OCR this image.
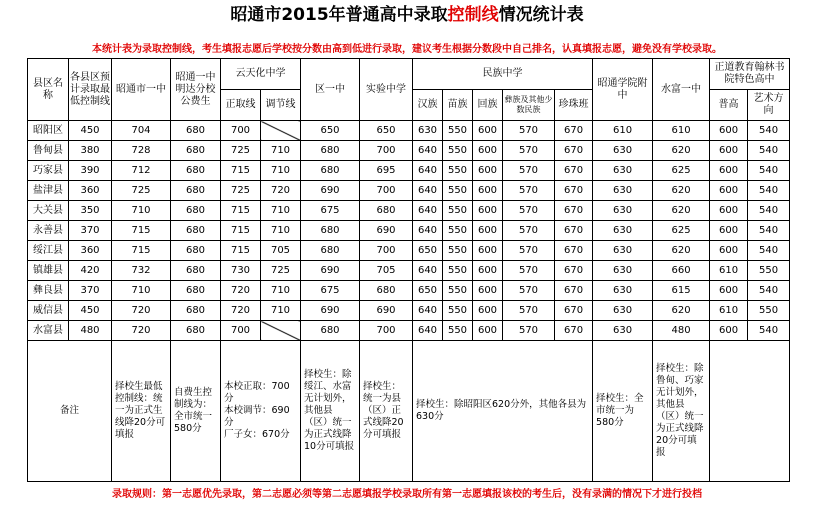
昭通市2015年普通高中录取控制线情况统计表
本统计表为录取控制线，考生填报志愿后学校按分数由高到低进行录取，建议考生根据分数段中自己排名，认真填报志愿，避免没有学校录取。
县区名称	各县区预计录取最低控制线	昭通市一中	昭通一中明达分校公费生	云天化中学		区一中	实验中学	民族中学					昭通学院附中	水富一中	正道教育翰林书院特色高中	
				正取线	调节线			汉族	苗族	回族	彝族及其他少数民族	珍珠班			普高	艺术方向
昭阳区	450	704	680	700		650	650	630	550	600	570	670	610	610	600	540
鲁甸县	380	728	680	725	710	680	700	640	550	600	570	670	630	620	600	540
巧家县	390	712	680	715	710	680	695	640	550	600	570	670	630	625	600	540
盐津县	360	725	680	725	720	690	700	640	550	600	570	670	630	620	600	540
大关县	350	710	680	715	710	675	680	640	550	600	570	670	630	620	600	540
永善县	370	715	680	715	710	680	690	640	550	600	570	670	630	625	600	540
绥江县	360	715	680	715	705	680	700	650	550	600	570	670	630	620	600	540
镇雄县	420	732	680	730	725	690	705	640	550	600	570	670	630	660	610	550
彝良县	370	710	680	720	710	675	680	650	550	600	570	670	630	615	600	540
威信县	450	720	680	720	710	690	690	640	550	600	570	670	630	620	610	550
水富县	480	720	680	700		680	700	640	550	600	570	670	630	480	600	540
备注		择校生最低控制线：统一为正式生线降20分可填报	自费生控制线为：全市统一580分	本校正取：700分
本校调节：690分
厂子女：670分		择校生：除绥江、水富无计划外，其他县（区）统一为正式线降10分可填报	择校生：统一为县（区）正式线降20分可填报	择校生：除昭阳区620分外，其他各县为630分					择校生：全市统一为580分	择校生：除鲁甸、巧家无计划外，其他县（区）统一为正式线降20分可填报		
录取规则：第一志愿优先录取，第二志愿必须等第二志愿填报学校录取所有第一志愿填报该校的考生后，没有录满的情况下才进行投档
